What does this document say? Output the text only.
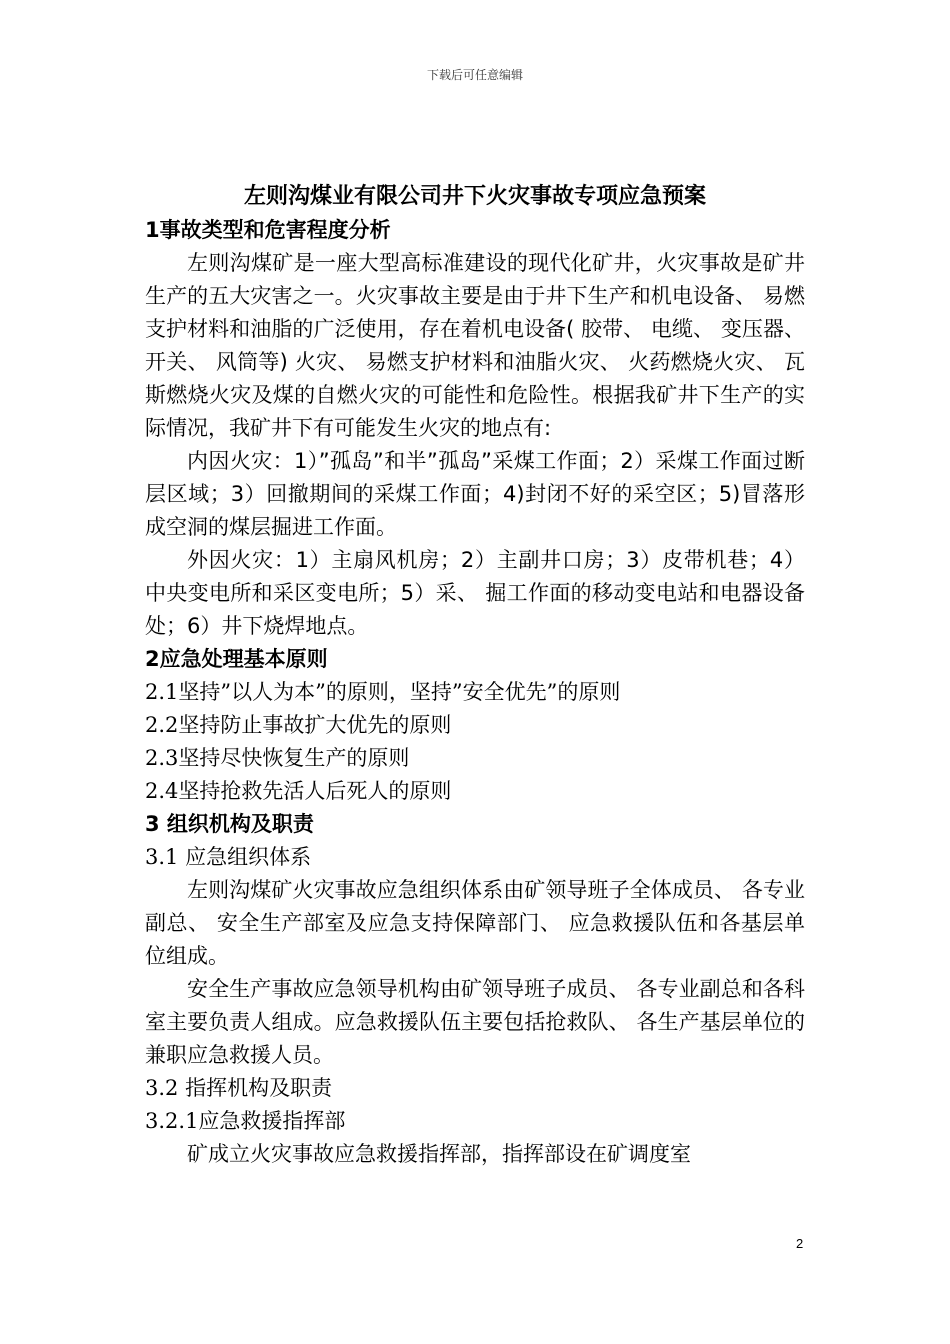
下载后可任意编辑

左则沟煤业有限公司井下火灾事故专项应急预案

1事故类型和危害程度分析

左则沟煤矿是一座大型高标准建设的现代化矿井，火灾事故是矿井生产的五大灾害之一。火灾事故主要是由于井下生产和机电设备、 易燃支护材料和油脂的广泛使用，存在着机电设备( 胶带、 电缆、 变压器、 开关、 风筒等) 火灾、 易燃支护材料和油脂火灾、 火药燃烧火灾、 瓦斯燃烧火灾及煤的自燃火灾的可能性和危险性。根据我矿井下生产的实际情况，我矿井下有可能发生火灾的地点有:

内因火灾：1）”孤岛”和半”孤岛”采煤工作面；2）采煤工作面过断层区域；3）回撤期间的采煤工作面；4)封闭不好的采空区；5)冒落形成空洞的煤层掘进工作面。

外因火灾：1）主扇风机房；2）主副井口房；3）皮带机巷；4）中央变电所和采区变电所；5）采、 掘工作面的移动变电站和电器设备处；6）井下烧焊地点。

2应急处理基本原则

2.1坚持”以人为本”的原则，坚持”安全优先”的原则

2.2坚持防止事故扩大优先的原则

2.3坚持尽快恢复生产的原则

2.4坚持抢救先活人后死人的原则

3 组织机构及职责

3.1 应急组织体系

左则沟煤矿火灾事故应急组织体系由矿领导班子全体成员、 各专业副总、 安全生产部室及应急支持保障部门、 应急救援队伍和各基层单位组成。

安全生产事故应急领导机构由矿领导班子成员、 各专业副总和各科室主要负责人组成。应急救援队伍主要包括抢救队、 各生产基层单位的兼职应急救援人员。

3.2 指挥机构及职责

3.2.1应急救援指挥部

矿成立火灾事故应急救援指挥部，指挥部设在矿调度室

2
